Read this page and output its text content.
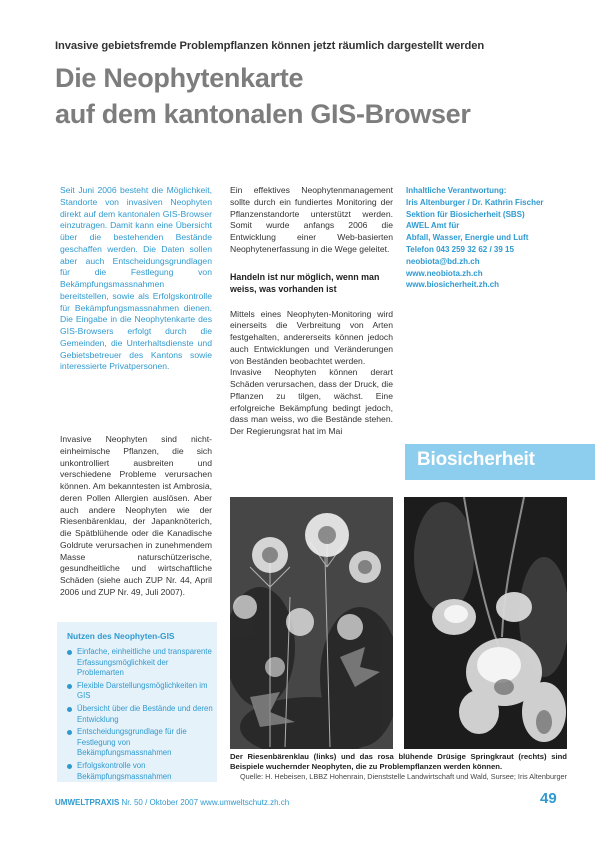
Invasive gebietsfremde Problempflanzen können jetzt räumlich dargestellt werden
Die Neophytenkarte
auf dem kantonalen GIS-Browser
Seit Juni 2006 besteht die Möglichkeit, Standorte von invasiven Neophyten direkt auf dem kantonalen GIS-Browser einzutragen. Damit kann eine Übersicht über die bestehenden Bestände geschaffen werden. Die Daten sollen aber auch Entscheidungsgrundlagen für die Festlegung von Bekämpfungsmassnahmen bereitstellen, sowie als Erfolgskontrolle für Bekämpfungsmassnahmen dienen. Die Eingabe in die Neophytenkarte des GIS-Browsers erfolgt durch die Gemeinden, die Unterhaltsdienste und Gebietsbetreuer des Kantons sowie interessierte Privatpersonen.
Invasive Neophyten sind nicht-einheimische Pflanzen, die sich unkontrolliert ausbreiten und verschiedene Probleme verursachen können. Am bekanntesten ist Ambrosia, deren Pollen Allergien auslösen. Aber auch andere Neophyten wie der Riesenbärenklau, der Japanknöterich, die Spätblühende oder die Kanadische Goldrute verursachen in zunehmendem Masse naturschützerische, gesundheitliche und wirtschaftliche Schäden (siehe auch ZUP Nr. 44, April 2006 und ZUP Nr. 49, Juli 2007).

Ein effektives Neophytenmanagement sollte durch ein fundiertes Monitoring der Pflanzenstandorte unterstützt werden. Somit wurde anfangs 2006 die Entwicklung einer Web-basierten Neophytenerfassung in die Wege geleitet.

Handeln ist nur möglich, wenn man weiss, was vorhanden ist

Mittels eines Neophyten-Monitoring wird einerseits die Verbreitung von Arten festgehalten, andererseits können jedoch auch Entwicklungen und Veränderungen von Beständen beobachtet werden.

Invasive Neophyten können derart Schäden verursachen, dass der Druck, die Pflanzen zu tilgen, wächst. Eine erfolgreiche Bekämpfung bedingt jedoch, dass man weiss, wo die Bestände stehen. Der Regierungsrat hat im Mai

Inhaltliche Verantwortung:
Iris Altenburger / Dr. Kathrin Fischer
Sektion für Biosicherheit (SBS)
AWEL Amt für
Abfall, Wasser, Energie und Luft
Telefon 043 259 32 62 / 39 15
neobiota@bd.zh.ch
www.neobiota.zh.ch
www.biosicherheit.zh.ch
Biosicherheit
Nutzen des Neophyten-GIS
Einfache, einheitliche und transparente Erfassungsmöglichkeit der Problemarten
Flexible Darstellungsmöglichkeiten im GIS
Übersicht über die Bestände und deren Entwicklung
Entscheidungsgrundlage für die Festlegung von Bekämpfungsmassnahmen
Erfolgskontrolle von Bekämpfungsmassnahmen
Der Riesenbärenklau (links) und das rosa blühende Drüsige Springkraut (rechts) sind Beispiele wuchernder Neophyten, die zu Problempflanzen werden können.
Quelle: H. Hebeisen, LBBZ Hohenrain, Dienststelle Landwirtschaft und Wald, Sursee; Iris Altenburger
UMWELTPRAXIS Nr. 50 / Oktober 2007 www.umweltschutz.zh.ch	49
